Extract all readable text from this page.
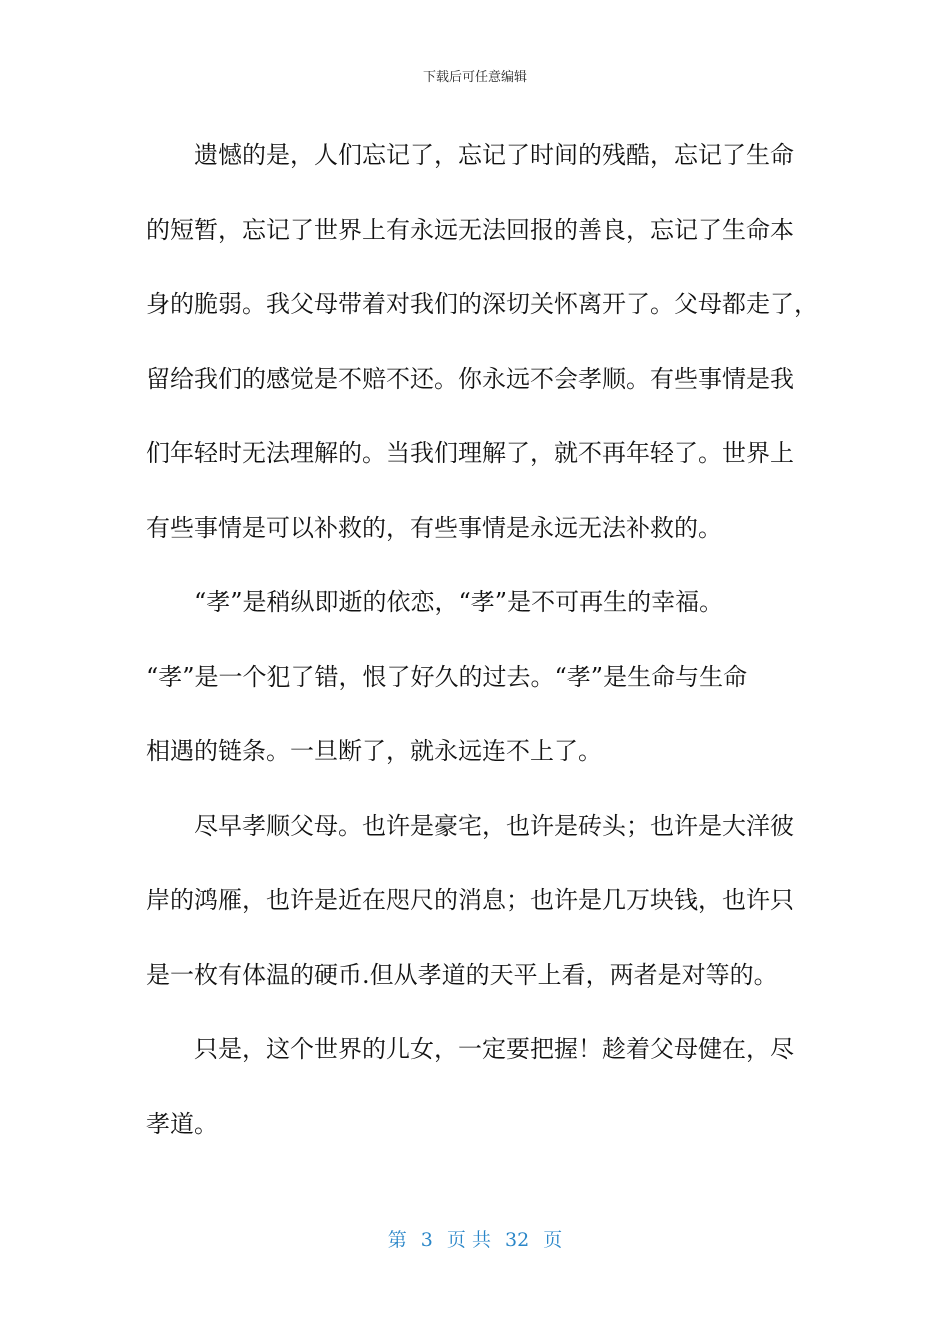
下载后可任意编辑

遗憾的是，人们忘记了，忘记了时间的残酷，忘记了生命

的短暂，忘记了世界上有永远无法回报的善良，忘记了生命本

身的脆弱。我父母带着对我们的深切关怀离开了。父母都走了，

留给我们的感觉是不赔不还。你永远不会孝顺。有些事情是我

们年轻时无法理解的。当我们理解了，就不再年轻了。世界上

有些事情是可以补救的，有些事情是永远无法补救的。

“孝”是稍纵即逝的依恋，“孝”是不可再生的幸福。

“孝”是一个犯了错，恨了好久的过去。“孝”是生命与生命

相遇的链条。一旦断了，就永远连不上了。

尽早孝顺父母。也许是豪宅，也许是砖头；也许是大洋彼

岸的鸿雁，也许是近在咫尺的消息；也许是几万块钱，也许只

是一枚有体温的硬币.但从孝道的天平上看，两者是对等的。

只是，这个世界的儿女，一定要把握！趁着父母健在，尽

孝道。

第 3 页 共 32 页
